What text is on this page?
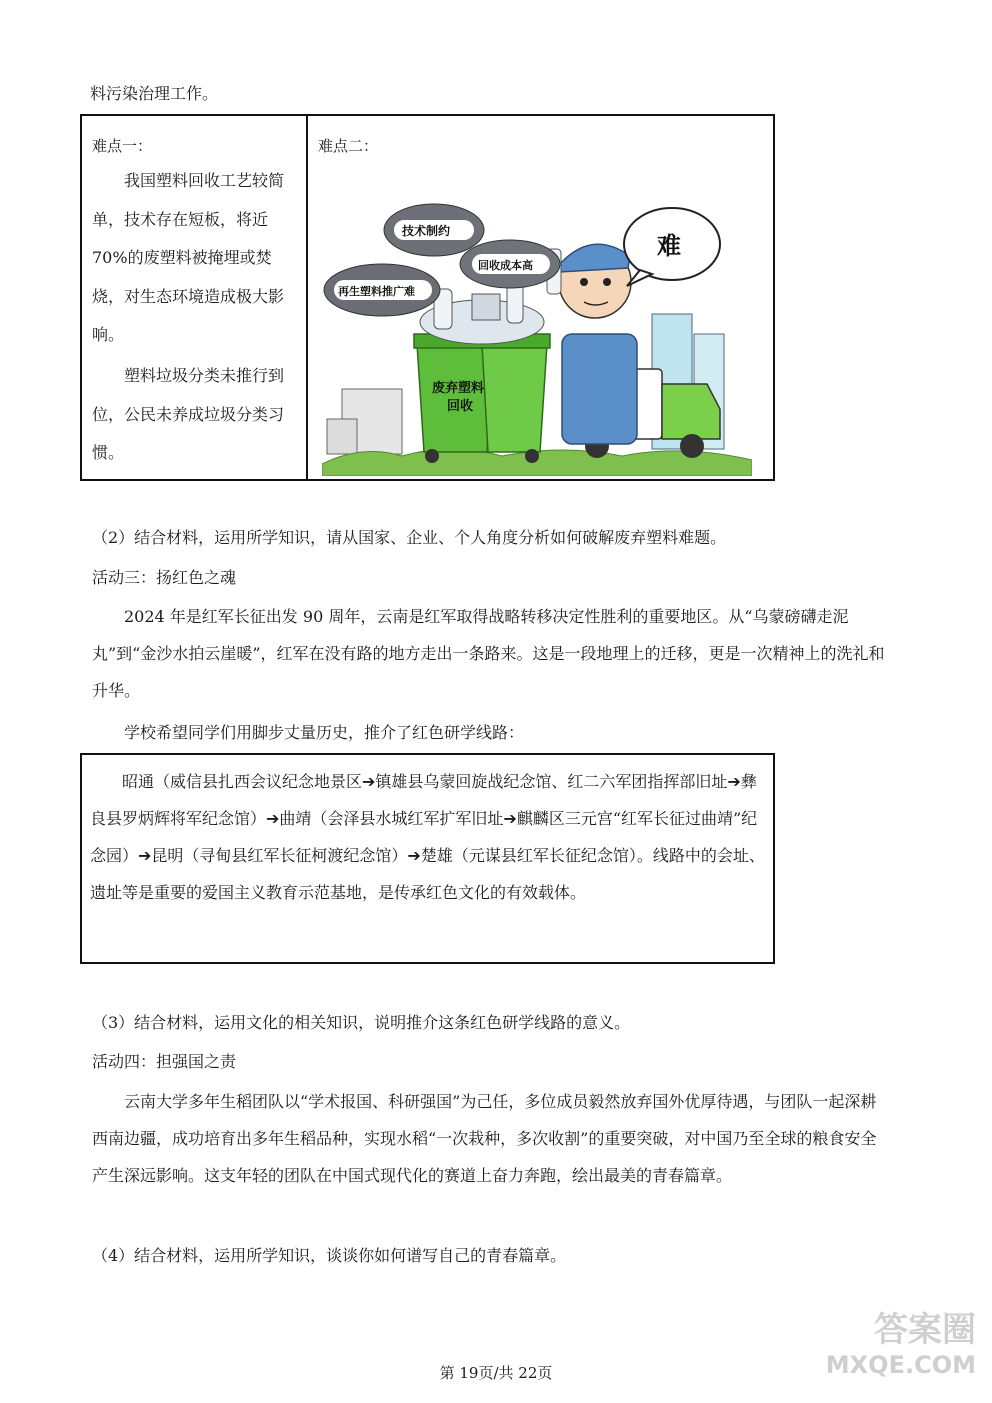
料污染治理工作。
难点一：
我国塑料回收工艺较简单，技术存在短板，将近70%的废塑料被掩埋或焚烧，对生态环境造成极大影响。
塑料垃圾分类未推行到位，公民未养成垃圾分类习惯。
难点二：
废弃塑料
回收
技术制约
回收成本高
再生塑料推广难
难
（2）结合材料，运用所学知识，请从国家、企业、个人角度分析如何破解废弃塑料难题。
活动三：扬红色之魂
2024 年是红军长征出发 90 周年，云南是红军取得战略转移决定性胜利的重要地区。从“乌蒙磅礴走泥丸”到“金沙水拍云崖暖”，红军在没有路的地方走出一条路来。这是一段地理上的迁移，更是一次精神上的洗礼和升华。
学校希望同学们用脚步丈量历史，推介了红色研学线路：
昭通（威信县扎西会议纪念地景区➔镇雄县乌蒙回旋战纪念馆、红二六军团指挥部旧址➔彝良县罗炳辉将军纪念馆）➔曲靖（会泽县水城红军扩军旧址➔麒麟区三元宫“红军长征过曲靖”纪念园）➔昆明（寻甸县红军长征柯渡纪念馆）➔楚雄（元谋县红军长征纪念馆）。线路中的会址、遗址等是重要的爱国主义教育示范基地，是传承红色文化的有效载体。
（3）结合材料，运用文化的相关知识，说明推介这条红色研学线路的意义。
活动四：担强国之责
云南大学多年生稻团队以“学术报国、科研强国”为己任，多位成员毅然放弃国外优厚待遇，与团队一起深耕西南边疆，成功培育出多年生稻品种，实现水稻“一次栽种，多次收割”的重要突破，对中国乃至全球的粮食安全产生深远影响。这支年轻的团队在中国式现代化的赛道上奋力奔跑，绘出最美的青春篇章。
（4）结合材料，运用所学知识，谈谈你如何谱写自己的青春篇章。
第 19页/共 22页
答案圈
MXQE.COM
